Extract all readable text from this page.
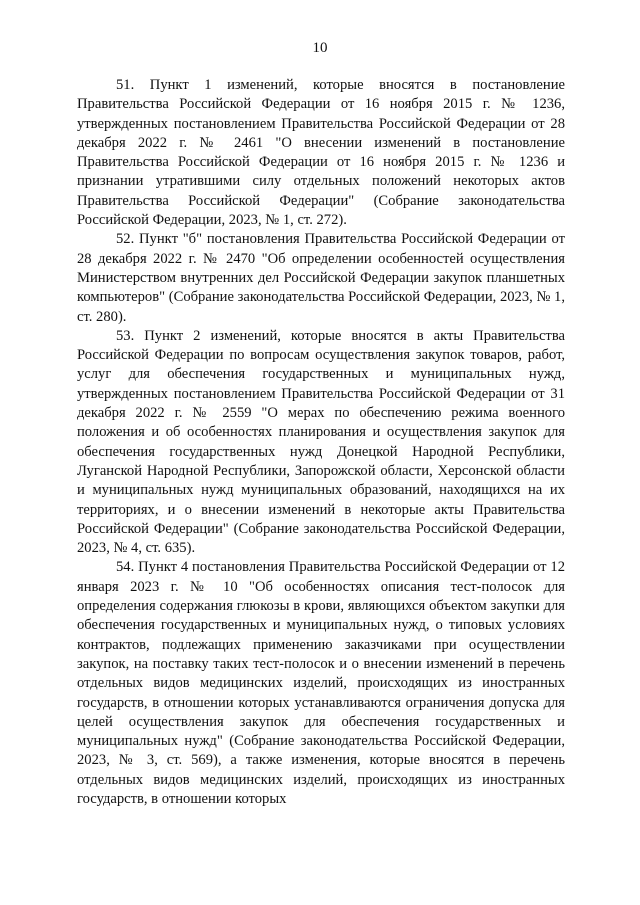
10

51. Пункт 1 изменений, которые вносятся в постановление Правительства Российской Федерации от 16 ноября 2015 г. № 1236, утвержденных постановлением Правительства Российской Федерации от 28 декабря 2022 г. № 2461 "О внесении изменений в постановление Правительства Российской Федерации от 16 ноября 2015 г. № 1236 и признании утратившими силу отдельных положений некоторых актов Правительства Российской Федерации" (Собрание законодательства Российской Федерации, 2023, № 1, ст. 272).

52. Пункт "б" постановления Правительства Российской Федерации от 28 декабря 2022 г. № 2470 "Об определении особенностей осуществления Министерством внутренних дел Российской Федерации закупок планшетных компьютеров" (Собрание законодательства Российской Федерации, 2023, № 1, ст. 280).

53. Пункт 2 изменений, которые вносятся в акты Правительства Российской Федерации по вопросам осуществления закупок товаров, работ, услуг для обеспечения государственных и муниципальных нужд, утвержденных постановлением Правительства Российской Федерации от 31 декабря 2022 г. № 2559 "О мерах по обеспечению режима военного положения и об особенностях планирования и осуществления закупок для обеспечения государственных нужд Донецкой Народной Республики, Луганской Народной Республики, Запорожской области, Херсонской области и муниципальных нужд муниципальных образований, находящихся на их территориях, и о внесении изменений в некоторые акты Правительства Российской Федерации" (Собрание законодательства Российской Федерации, 2023, № 4, ст. 635).

54. Пункт 4 постановления Правительства Российской Федерации от 12 января 2023 г. № 10 "Об особенностях описания тест-полосок для определения содержания глюкозы в крови, являющихся объектом закупки для обеспечения государственных и муниципальных нужд, о типовых условиях контрактов, подлежащих применению заказчиками при осуществлении закупок, на поставку таких тест-полосок и о внесении изменений в перечень отдельных видов медицинских изделий, происходящих из иностранных государств, в отношении которых устанавливаются ограничения допуска для целей осуществления закупок для обеспечения государственных и муниципальных нужд" (Собрание законодательства Российской Федерации, 2023, № 3, ст. 569), а также изменения, которые вносятся в перечень отдельных видов медицинских изделий, происходящих из иностранных государств, в отношении которых
